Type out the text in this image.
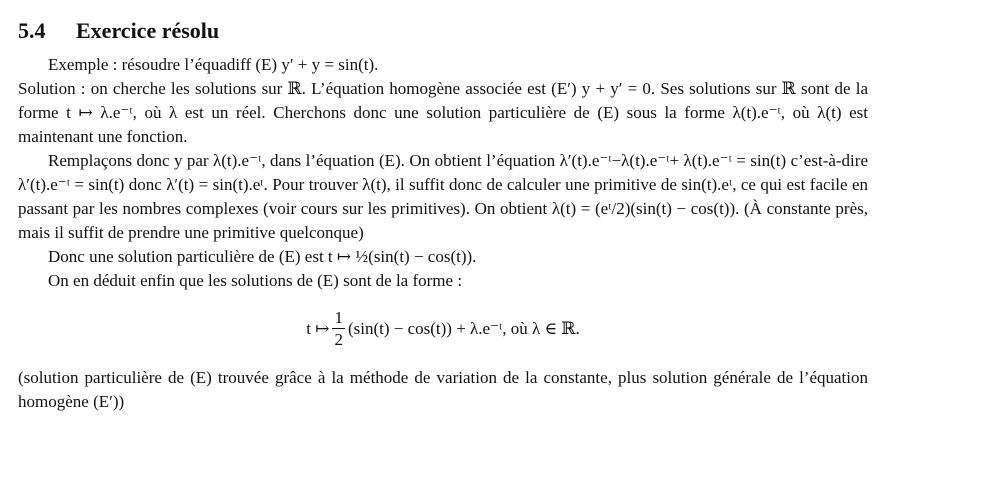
5.4 Exercice résolu

Exemple : résoudre l’équadiff (E) y′ + y = sin(t).

Solution : on cherche les solutions sur ℝ. L’équation homogène associée est (E′) y + y′ = 0. Ses solutions sur ℝ sont de la forme t ↦ λ.e⁻ᵗ, où λ est un réel. Cherchons donc une solution particulière de (E) sous la forme λ(t).e⁻ᵗ, où λ(t) est maintenant une fonction.

Remplaçons donc y par λ(t).e⁻ᵗ, dans l’équation (E). On obtient l’équation λ′(t).e⁻ᵗ−λ(t).e⁻ᵗ+ λ(t).e⁻ᵗ = sin(t) c’est-à-dire λ′(t).e⁻ᵗ = sin(t) donc λ′(t) = sin(t).eᵗ. Pour trouver λ(t), il suffit donc de calculer une primitive de sin(t).eᵗ, ce qui est facile en passant par les nombres complexes (voir cours sur les primitives). On obtient λ(t) = (eᵗ/2)(sin(t) − cos(t)). (À constante près, mais il suffit de prendre une primitive quelconque)

Donc une solution particulière de (E) est t ↦ ½(sin(t) − cos(t)).

On en déduit enfin que les solutions de (E) sont de la forme :

t ↦ $\frac{1}{2} (\sin(t) - \cos(t))$ + λ.e⁻ᵗ, où λ ∈ ℝ.

(solution particulière de (E) trouvée grâce à la méthode de variation de la constante, plus solution générale de l’équation homogène (E′))
